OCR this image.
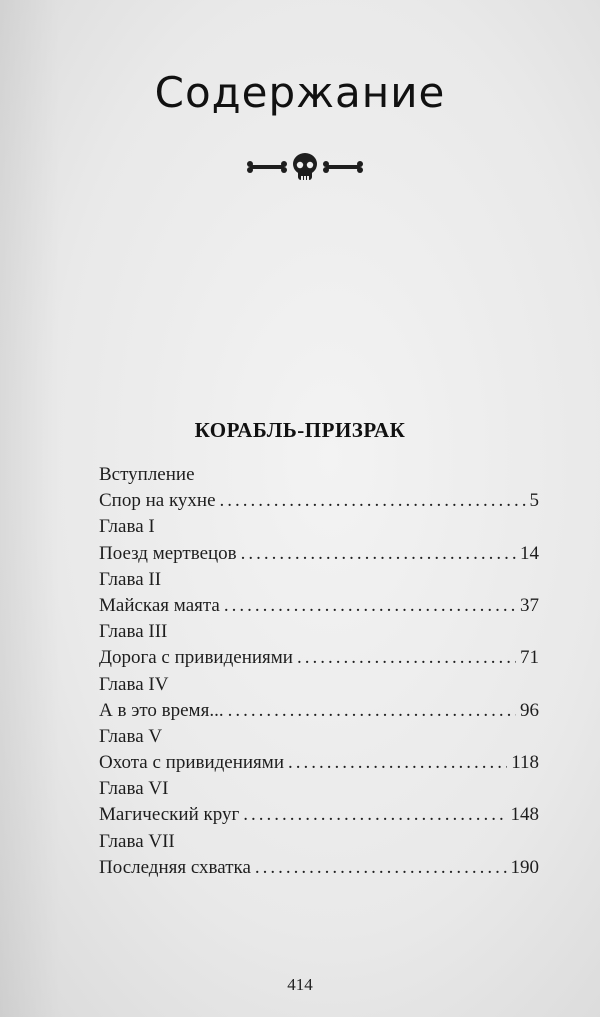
Содержание
КОРАБЛЬ-ПРИЗРАК
Вступление
Спор на кухне .....	5
Глава I
Поезд мертвецов .....	14
Глава II
Майская маята .....	37
Глава III
Дорога с привидениями .....	71
Глава IV
А в это время... .....	96
Глава V
Охота с привидениями .....	118
Глава VI
Магический круг .....	148
Глава VII
Последняя схватка .....	190
414
